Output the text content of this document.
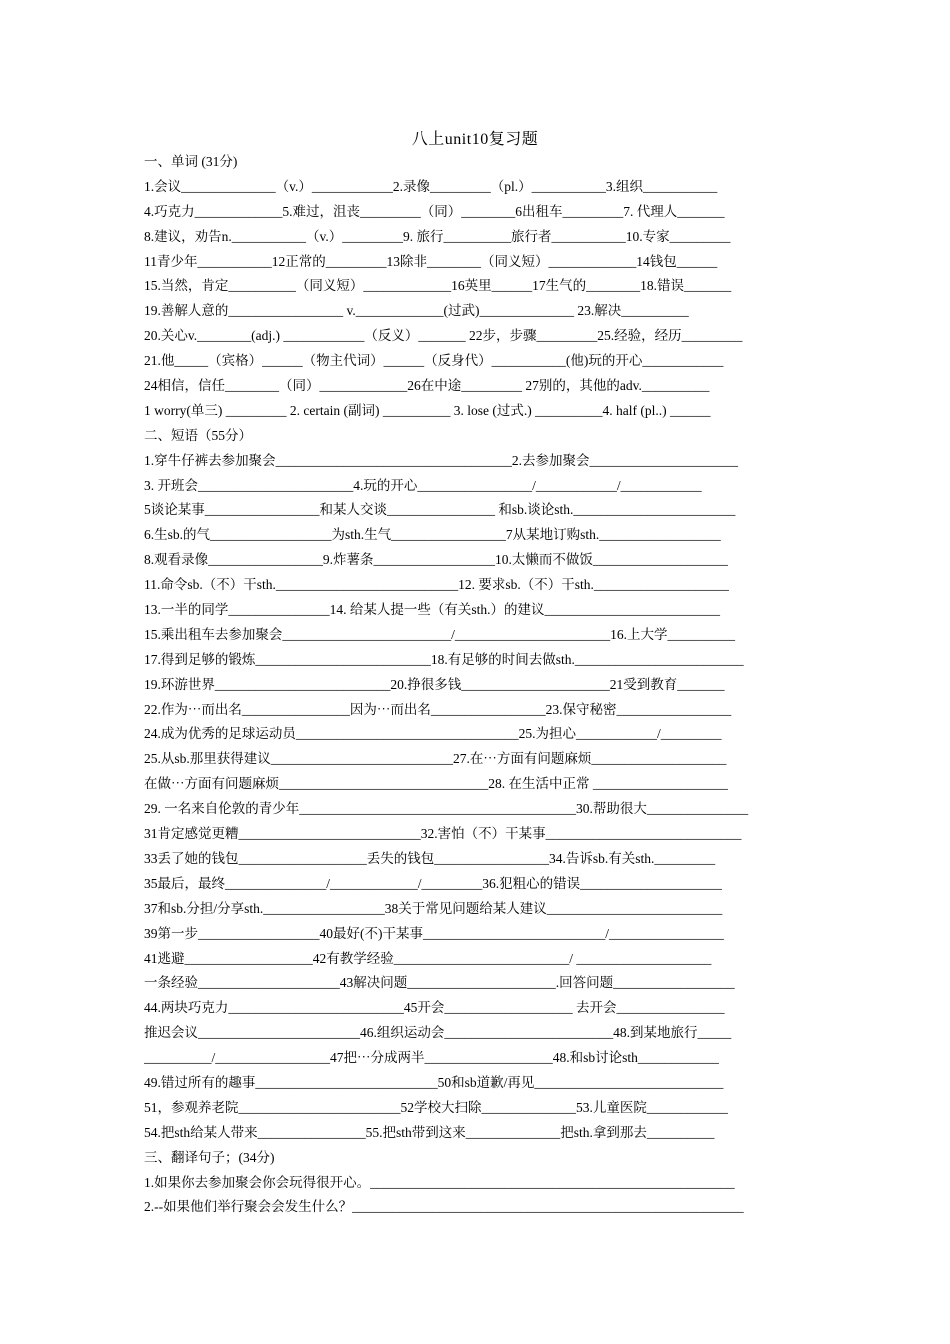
八上unit10复习题
一、单词 (31分)
1.会议______________（v.）____________2.录像_________（pl.）___________3.组织___________
4.巧克力_____________5.难过，沮丧_________（同）________6出租车_________7. 代理人_______
8.建议，劝告n.___________（v.）_________9. 旅行__________旅行者___________10.专家_________
11青少年___________12正常的_________13除非________（同义短）_____________14钱包______
15.当然，肯定__________（同义短）_____________16英里______17生气的________18.错误_______
19.善解人意的_________________ v._____________(过武)______________ 23.解决__________
20.关心v.________(adj.) ____________（反义）_______ 22步，步骤_________25.经验，经历_________
21.他_____（宾格）______（物主代词）______（反身代）___________(他)玩的开心____________
24相信，信任________（同）_____________26在中途_________ 27别的，其他的adv.__________
1 worry(单三) _________ 2. certain (副词) __________ 3. lose (过式.) __________4. half (pl..) ______
二、短语（55分）
1.穿牛仔裤去参加聚会___________________________________2.去参加聚会______________________
3. 开班会_______________________4.玩的开心_________________/____________/____________
5谈论某事_________________和某人交谈________________ 和sb.谈论sth.________________________
6.生sb.的气__________________为sth.生气_________________7从某地订购sth.__________________
8.观看录像_________________9.炸薯条__________________10.太懒而不做饭____________________
11.命令sb.（不）干sth.___________________________12. 要求sb.（不）干sth.____________________
13.一半的同学_______________14. 给某人提一些（有关sth.）的建议__________________________
15.乘出租车去参加聚会_________________________/_______________________16.上大学__________
17.得到足够的锻炼__________________________18.有足够的时间去做sth._________________________
19.环游世界__________________________20.挣很多钱______________________21受到教育_______
22.作为⋯而出名________________因为⋯而出名_________________23.保守秘密_________________
24.成为优秀的足球运动员_________________________________25.为担心____________/_________
25.从sb.那里获得建议___________________________27.在⋯方面有问题麻烦____________________
在做⋯方面有问题麻烦_______________________________28. 在生活中正常 ____________________
29. 一名来自伦敦的青少年_________________________________________30.帮助很大_______________
31肯定感觉更糟___________________________32.害怕（不）干某事_____________________________
33丢了她的钱包___________________丢失的钱包_________________34.告诉sb.有关sth._________
35最后，最终_______________/_____________/_________36.犯粗心的错误_____________________
37和sb.分担/分享sth.__________________38关于常见问题给某人建议__________________________
39第一步__________________40最好(不)干某事___________________________/_________________
41逃避___________________42有教学经验__________________________/ ____________________
一条经验_____________________43解决问题______________________.回答问题__________________
44.两块巧克力__________________________45开会___________________ 去开会________________
推迟会议________________________46.组织运动会_________________________48.到某地旅行_____
__________/_________________47把⋯分成两半___________________48.和sb讨论sth____________
49.错过所有的趣事___________________________50和sb道歉/再见____________________________
51，参观养老院________________________52学校大扫除______________53.儿童医院____________
54.把sth给某人带来________________55.把sth带到这来______________把sth.拿到那去__________
三、翻译句子；(34分)
1.如果你去参加聚会你会玩得很开心。______________________________________________________
2.--如果他们举行聚会会发生什么？__________________________________________________________
